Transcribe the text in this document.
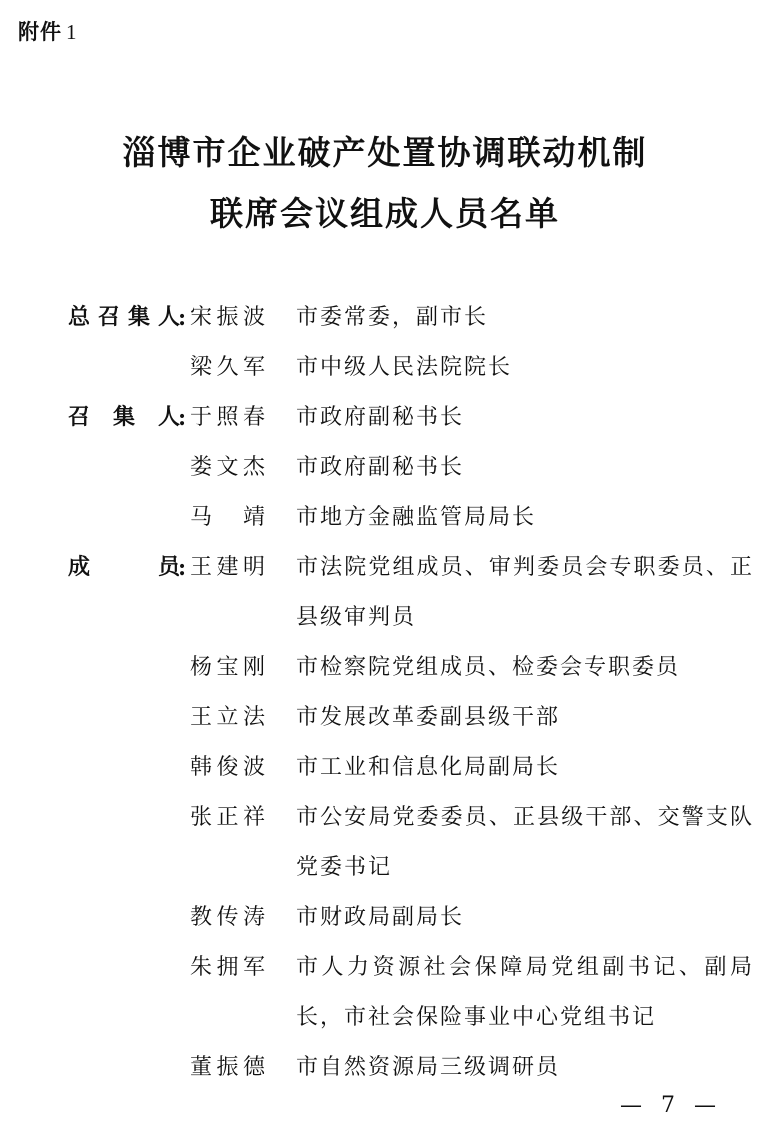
附件 1
淄博市企业破产处置协调联动机制
联席会议组成人员名单
总召集人
: 宋振波 市委常委，副市长
梁久军 市中级人民法院院长
召集人
: 于照春 市政府副秘书长
娄文杰 市政府副秘书长
马靖 市地方金融监管局局长
成员
: 王建明 市法院党组成员、审判委员会专职委员、正县级审判员
杨宝刚 市检察院党组成员、检委会专职委员
王立法 市发展改革委副县级干部
韩俊波 市工业和信息化局副局长
张正祥 市公安局党委委员、正县级干部、交警支队党委书记
教传涛 市财政局副局长
朱拥军 市人力资源社会保障局党组副书记、副局长，市社会保险事业中心党组书记
董振德 市自然资源局三级调研员
— 7 —
